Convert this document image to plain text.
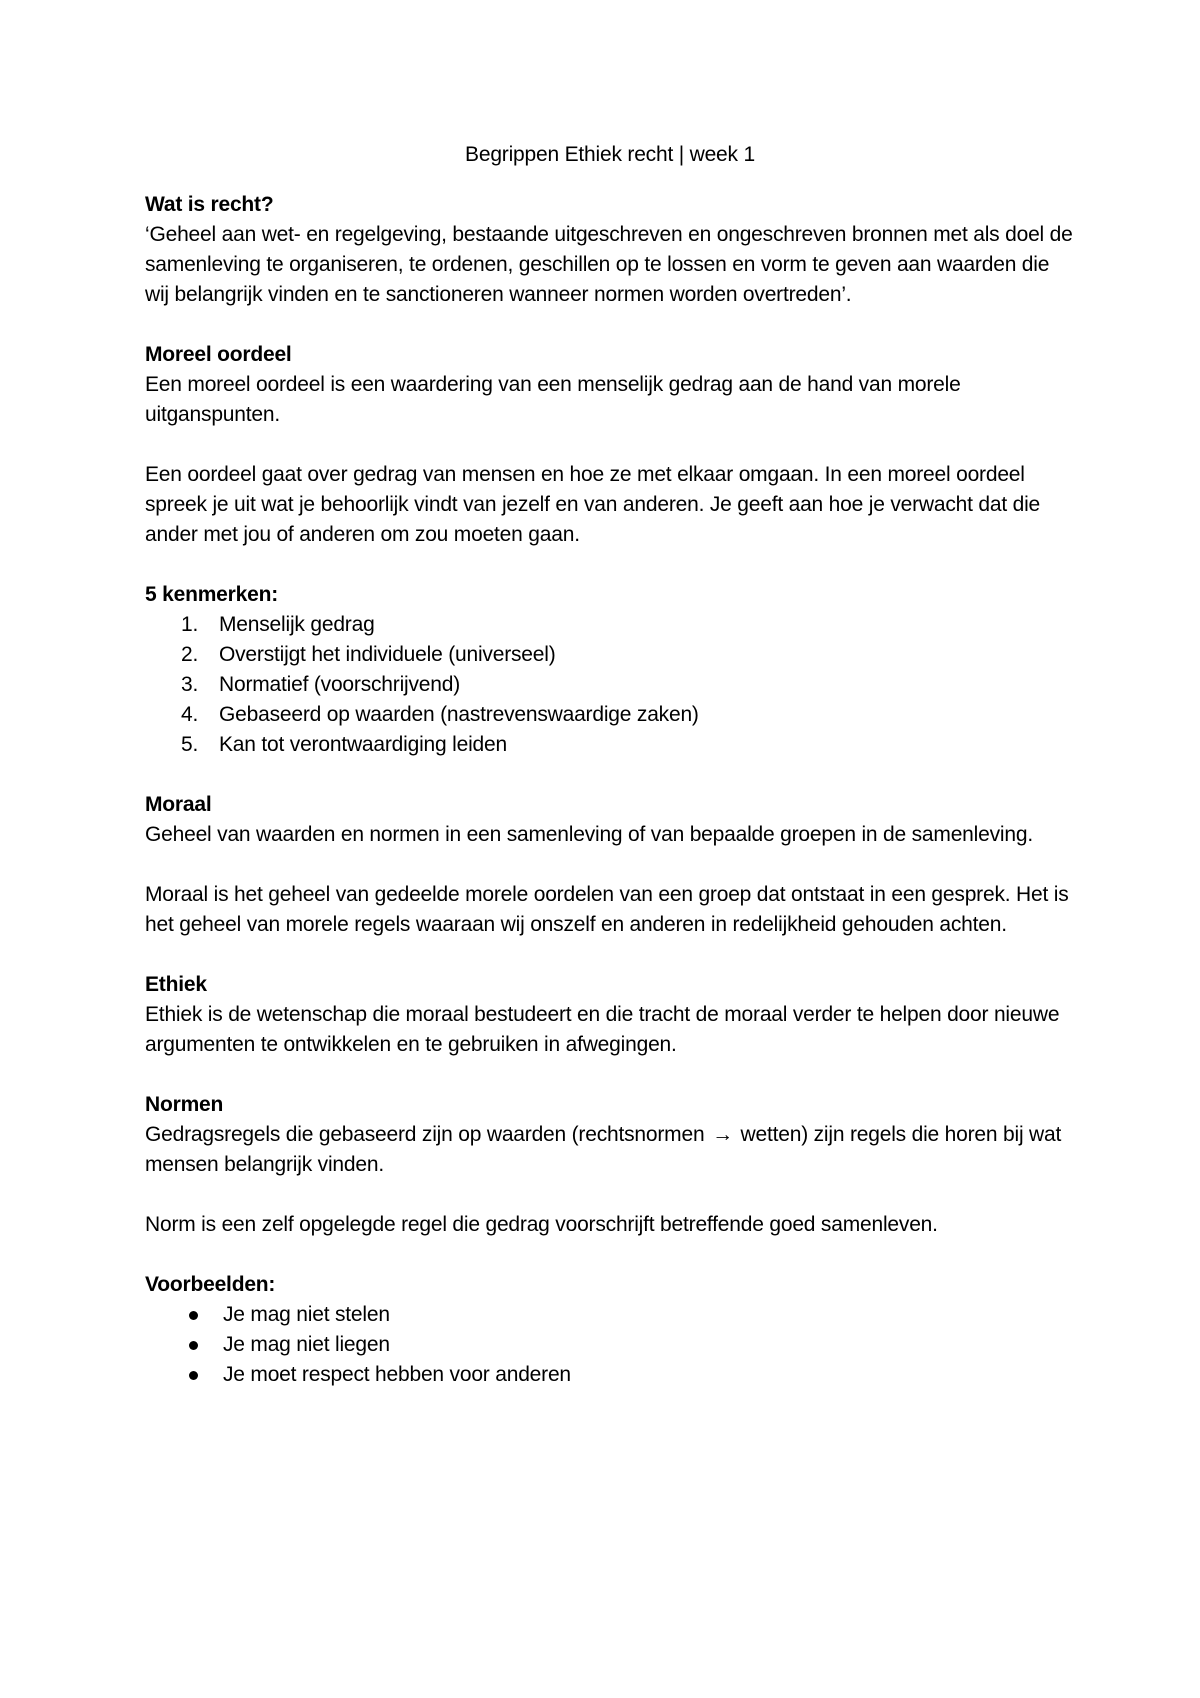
Begrippen Ethiek recht | week 1
Wat is recht?

‘Geheel aan wet- en regelgeving, bestaande uitgeschreven en ongeschreven bronnen met als doel de samenleving te organiseren, te ordenen, geschillen op te lossen en vorm te geven aan waarden die wij belangrijk vinden en te sanctioneren wanneer normen worden overtreden’.

Moreel oordeel

Een moreel oordeel is een waardering van een menselijk gedrag aan de hand van morele uitganspunten.

Een oordeel gaat over gedrag van mensen en hoe ze met elkaar omgaan. In een moreel oordeel spreek je uit wat je behoorlijk vindt van jezelf en van anderen. Je geeft aan hoe je verwacht dat die ander met jou of anderen om zou moeten gaan.

5 kenmerken:
1. Menselijk gedrag
2. Overstijgt het individuele (universeel)
3. Normatief (voorschrijvend)
4. Gebaseerd op waarden (nastrevenswaardige zaken)
5. Kan tot verontwaardiging leiden
Moraal

Geheel van waarden en normen in een samenleving of van bepaalde groepen in de samenleving.

Moraal is het geheel van gedeelde morele oordelen van een groep dat ontstaat in een gesprek. Het is het geheel van morele regels waaraan wij onszelf en anderen in redelijkheid gehouden achten.

Ethiek

Ethiek is de wetenschap die moraal bestudeert en die tracht de moraal verder te helpen door nieuwe argumenten te ontwikkelen en te gebruiken in afwegingen.

Normen

Gedragsregels die gebaseerd zijn op waarden (rechtsnormen → wetten) zijn regels die horen bij wat mensen belangrijk vinden.

Norm is een zelf opgelegde regel die gedrag voorschrijft betreffende goed samenleven.

Voorbeelden:
Je mag niet stelen
Je mag niet liegen
Je moet respect hebben voor anderen
